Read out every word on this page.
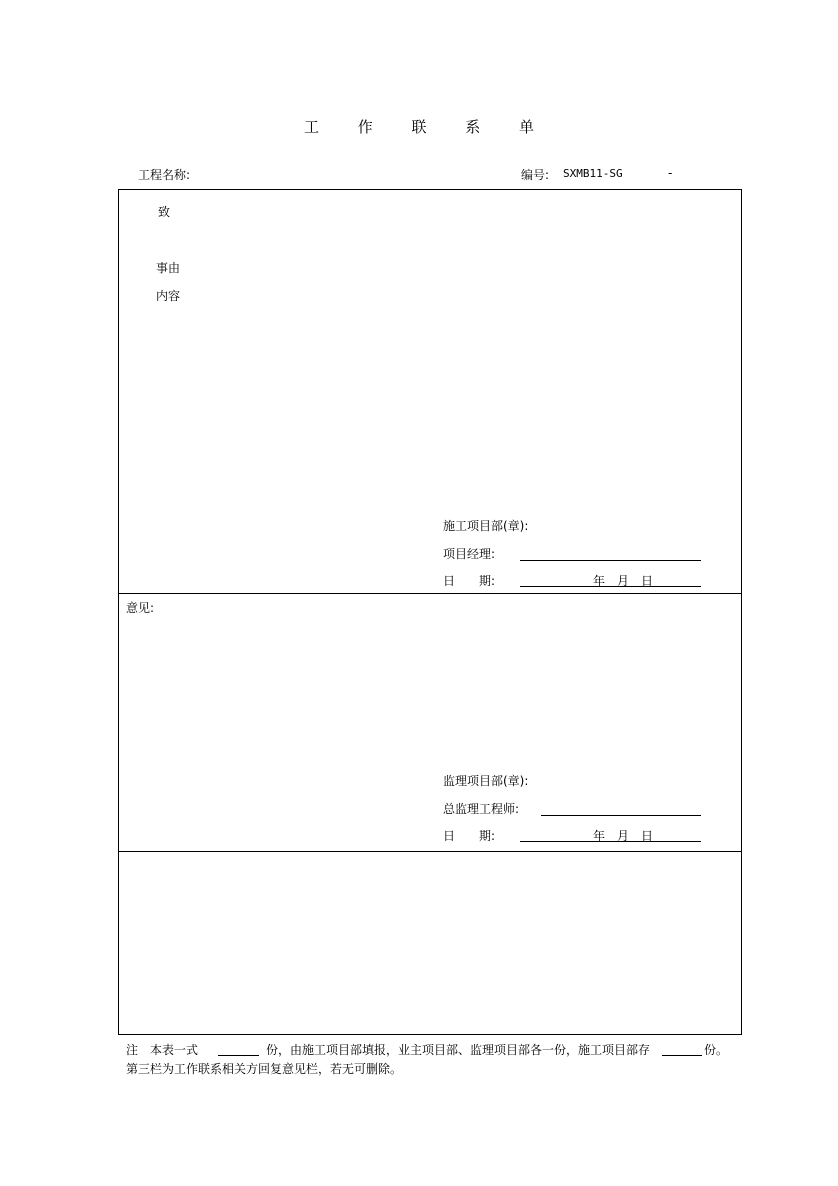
工 作 联 系 单
工程名称:	编号: SXMB11-SG	-
致
事由
内容
施工项目部(章):
项目经理:
日　　期:	年　月　日
意见:
监理项目部(章):
总监理工程师:
日　　期:	年　月　日
注　本表一式	份，由施工项目部填报，业主项目部、监理项目部各一份，施工项目部存	份。
第三栏为工作联系相关方回复意见栏，若无可删除。
